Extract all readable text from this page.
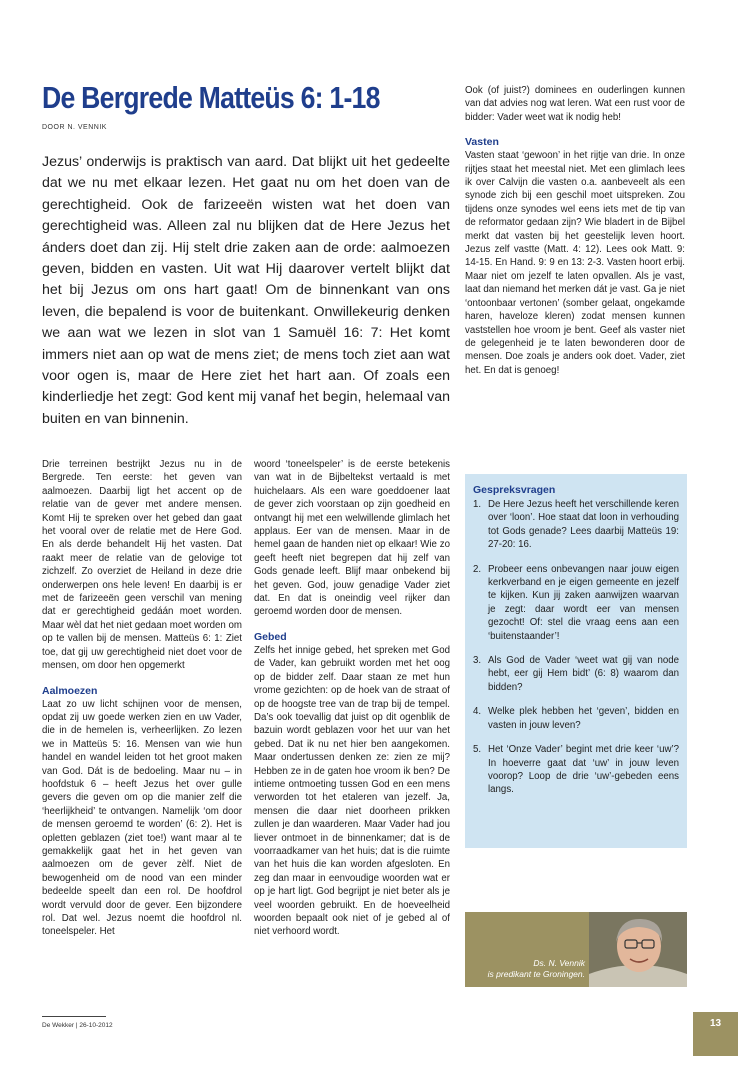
De Bergrede Matteüs 6: 1-18
DOOR N. VENNIK

Jezus’ onderwijs is praktisch van aard. Dat blijkt uit het gedeelte dat we nu met elkaar lezen. Het gaat nu om het doen van de gerechtigheid. Ook de farizeeën wisten wat het doen van gerechtigheid was. Alleen zal nu blijken dat de Here Jezus het ánders doet dan zij. Hij stelt drie zaken aan de orde: aalmoezen geven, bidden en vasten. Uit wat Hij daarover vertelt blijkt dat het bij Jezus om ons hart gaat! Om de binnenkant van ons leven, die bepalend is voor de buitenkant. Onwillekeurig denken we aan wat we lezen in slot van 1 Samuël 16: 7: Het komt immers niet aan op wat de mens ziet; de mens toch ziet aan wat voor ogen is, maar de Here ziet het hart aan. Of zoals een kinderliedje het zegt: God kent mij vanaf het begin, helemaal van buiten en van binnenin.

Drie terreinen bestrijkt Jezus nu in de Bergrede. Ten eerste: het geven van aalmoezen. Daarbij ligt het accent op de relatie van de gever met andere mensen. Komt Hij te spreken over het gebed dan gaat het vooral over de relatie met de Here God. En als derde behandelt Hij het vasten. Dat raakt meer de relatie van de gelovige tot zichzelf. Zo overziet de Heiland in deze drie onderwerpen ons hele leven! En daarbij is er met de farizeeën geen verschil van mening dat er gerechtigheid gedáán moet worden. Maar wèl dat het niet gedaan moet worden om op te vallen bij de mensen. Matteüs 6: 1: Ziet toe, dat gij uw gerechtigheid niet doet voor de mensen, om door hen opgemerkt

Aalmoezen

Laat zo uw licht schijnen voor de mensen, opdat zij uw goede werken zien en uw Vader, die in de hemelen is, verheerlijken. Zo lezen we in Matteüs 5: 16. Mensen van wie hun handel en wandel leiden tot het groot maken van God. Dát is de bedoeling. Maar nu – in hoofdstuk 6 – heeft Jezus het over gulle gevers die geven om op die manier zelf die ‘heerlijkheid’ te ontvangen. Namelijk ‘om door de mensen geroemd te worden’ (6: 2). Het is opletten geblazen (ziet toe!) want maar al te gemakkelijk gaat het in het geven van aalmoezen om de gever zèlf. Niet de bewogenheid om de nood van een minder bedeelde speelt dan een rol. De hoofdrol wordt vervuld door de gever. Een bijzondere rol. Dat wel. Jezus noemt die hoofdrol nl. toneelspeler. Het

woord ‘toneelspeler’ is de eerste betekenis van wat in de Bijbeltekst vertaald is met huichelaars. Als een ware goeddoener laat de gever zich voorstaan op zijn goedheid en ontvangt hij met een welwillende glimlach het applaus. Eer van de mensen. Maar in de hemel gaan de handen niet op elkaar! Wie zo geeft heeft niet begrepen dat hij zelf van Gods genade leeft. Blijf maar onbekend bij het geven. God, jouw genadige Vader ziet dat. En dat is oneindig veel rijker dan geroemd worden door de mensen.

Gebed

Zelfs het innige gebed, het spreken met God de Vader, kan gebruikt worden met het oog op de bidder zelf. Daar staan ze met hun vrome gezichten: op de hoek van de straat of op de hoogste tree van de trap bij de tempel. Da’s ook toevallig dat juist op dit ogenblik de bazuin wordt geblazen voor het uur van het gebed. Dat ik nu net hier ben aangekomen. Maar ondertussen denken ze: zien ze mij? Hebben ze in de gaten hoe vroom ik ben? De intieme ontmoeting tussen God en een mens verworden tot het etaleren van jezelf. Ja, mensen die daar niet doorheen prikken zullen je dan waarderen. Maar Vader had jou liever ontmoet in de binnenkamer; dat is de voorraadkamer van het huis; dat is die ruimte van het huis die kan worden afgesloten. En zeg dan maar in eenvoudige woorden wat er op je hart ligt. God begrijpt je niet beter als je veel woorden gebruikt. En de hoeveelheid woorden bepaalt ook niet of je gebed al of niet verhoord wordt.

Ook (of juist?) dominees en ouderlingen kunnen van dat advies nog wat leren. Wat een rust voor de bidder: Vader weet wat ik nodig heb!

Vasten

Vasten staat ‘gewoon’ in het rijtje van drie. In onze rijtjes staat het meestal niet. Met een glimlach lees ik over Calvijn die vasten o.a. aanbeveelt als een synode zich bij een geschil moet uitspreken. Zou tijdens onze synodes wel eens iets met de tip van de reformator gedaan zijn? Wie bladert in de Bijbel merkt dat vasten bij het geestelijk leven hoort. Jezus zelf vastte (Matt. 4: 12). Lees ook Matt. 9: 14-15. En Hand. 9: 9 en 13: 2-3. Vasten hoort erbij. Maar niet om jezelf te laten opvallen. Als je vast, laat dan niemand het merken dát je vast. Ga je niet ‘ontoonbaar vertonen’ (somber gelaat, ongekamde haren, haveloze kleren) zodat mensen kunnen vaststellen hoe vroom je bent. Geef als vaster niet de gelegenheid je te laten bewonderen door de mensen. Doe zoals je anders ook doet. Vader, ziet het. En dat is genoeg!

Gespreksvragen
1. De Here Jezus heeft het verschillende keren over ‘loon’. Hoe staat dat loon in verhouding tot Gods genade? Lees daarbij Matteüs 19: 27-20: 16.
2. Probeer eens onbevangen naar jouw eigen kerkverband en je eigen gemeente en jezelf te kijken. Kun jij zaken aanwijzen waarvan je zegt: daar wordt eer van mensen gezocht! Of: stel die vraag eens aan een ‘buitenstaander’!
3. Als God de Vader ‘weet wat gij van node hebt, eer gij Hem bidt’ (6: 8) waarom dan bidden?
4. Welke plek hebben het ‘geven’, bidden en vasten in jouw leven?
5. Het ‘Onze Vader’ begint met drie keer ‘uw’? In hoeverre gaat dat ‘uw’ in jouw leven voorop? Loop de drie ‘uw’-gebeden eens langs.
Ds. N. Vennik
is predikant te Groningen.
De Wekker | 26-10-2012	13
